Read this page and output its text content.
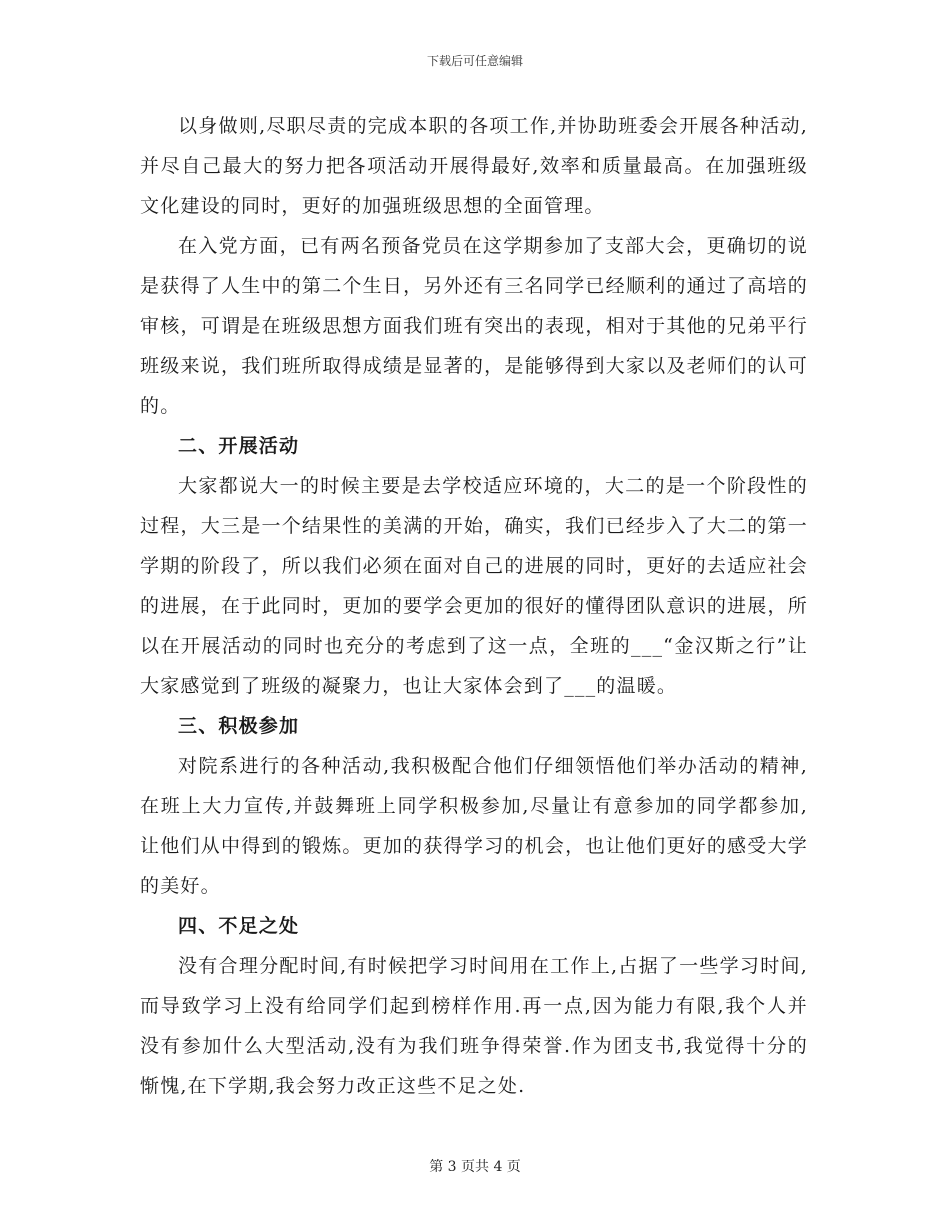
下载后可任意编辑

以身做则,尽职尽责的完成本职的各项工作,并协助班委会开展各种活动,并尽自己最大的努力把各项活动开展得最好,效率和质量最高。在加强班级文化建设的同时，更好的加强班级思想的全面管理。

在入党方面，已有两名预备党员在这学期参加了支部大会，更确切的说是获得了人生中的第二个生日，另外还有三名同学已经顺利的通过了高培的审核，可谓是在班级思想方面我们班有突出的表现，相对于其他的兄弟平行班级来说，我们班所取得成绩是显著的，是能够得到大家以及老师们的认可的。

二、开展活动

大家都说大一的时候主要是去学校适应环境的，大二的是一个阶段性的过程，大三是一个结果性的美满的开始，确实，我们已经步入了大二的第一学期的阶段了，所以我们必须在面对自己的进展的同时，更好的去适应社会的进展，在于此同时，更加的要学会更加的很好的懂得团队意识的进展，所以在开展活动的同时也充分的考虑到了这一点，全班的___“金汉斯之行”让大家感觉到了班级的凝聚力，也让大家体会到了___的温暖。

三、积极参加

对院系进行的各种活动,我积极配合他们仔细领悟他们举办活动的精神,在班上大力宣传,并鼓舞班上同学积极参加,尽量让有意参加的同学都参加,让他们从中得到的锻炼。更加的获得学习的机会，也让他们更好的感受大学的美好。

四、不足之处

没有合理分配时间,有时候把学习时间用在工作上,占据了一些学习时间,而导致学习上没有给同学们起到榜样作用.再一点,因为能力有限,我个人并没有参加什么大型活动,没有为我们班争得荣誉.作为团支书,我觉得十分的惭愧,在下学期,我会努力改正这些不足之处.

第 3 页共 4 页
